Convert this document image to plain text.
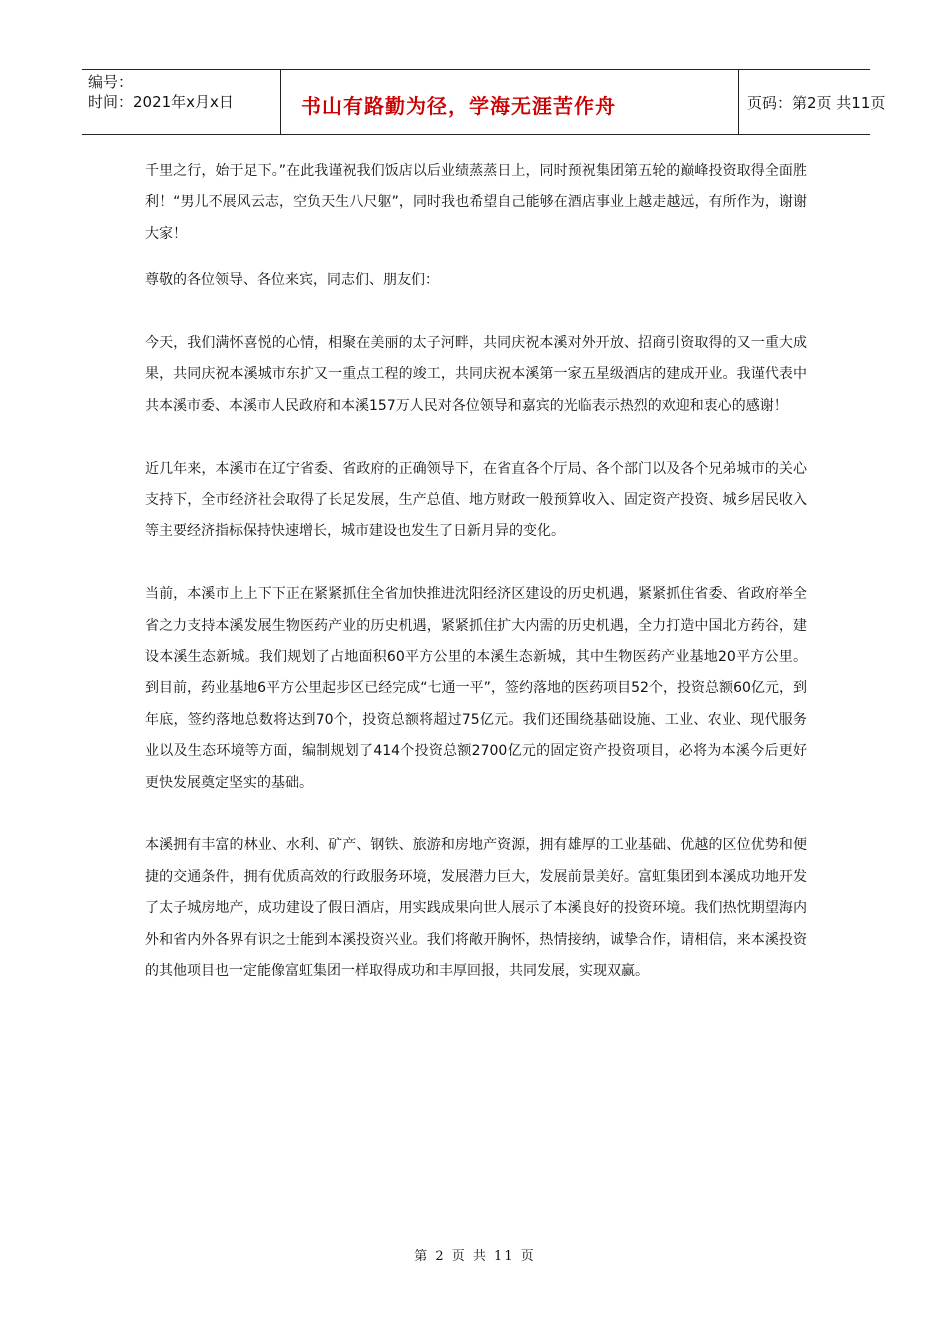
编号：
时间：2021年x月x日	书山有路勤为径，学海无涯苦作舟	页码：第2页 共11页

千里之行，始于足下。”在此我谨祝我们饭店以后业绩蒸蒸日上，同时预祝集团第五轮的巅峰投资取得全面胜利！“男儿不展风云志，空负天生八尺躯”，同时我也希望自己能够在酒店事业上越走越远，有所作为，谢谢大家！

尊敬的各位领导、各位来宾，同志们、朋友们：

今天，我们满怀喜悦的心情，相聚在美丽的太子河畔，共同庆祝本溪对外开放、招商引资取得的又一重大成果，共同庆祝本溪城市东扩又一重点工程的竣工，共同庆祝本溪第一家五星级酒店的建成开业。我谨代表中共本溪市委、本溪市人民政府和本溪157万人民对各位领导和嘉宾的光临表示热烈的欢迎和衷心的感谢！

近几年来，本溪市在辽宁省委、省政府的正确领导下，在省直各个厅局、各个部门以及各个兄弟城市的关心支持下，全市经济社会取得了长足发展，生产总值、地方财政一般预算收入、固定资产投资、城乡居民收入等主要经济指标保持快速增长，城市建设也发生了日新月异的变化。

当前，本溪市上上下下正在紧紧抓住全省加快推进沈阳经济区建设的历史机遇，紧紧抓住省委、省政府举全省之力支持本溪发展生物医药产业的历史机遇，紧紧抓住扩大内需的历史机遇，全力打造中国北方药谷，建设本溪生态新城。我们规划了占地面积60平方公里的本溪生态新城，其中生物医药产业基地20平方公里。到目前，药业基地6平方公里起步区已经完成“七通一平”，签约落地的医药项目52个，投资总额60亿元，到年底，签约落地总数将达到70个，投资总额将超过75亿元。我们还围绕基础设施、工业、农业、现代服务业以及生态环境等方面，编制规划了414个投资总额2700亿元的固定资产投资项目，必将为本溪今后更好更快发展奠定坚实的基础。

本溪拥有丰富的林业、水利、矿产、钢铁、旅游和房地产资源，拥有雄厚的工业基础、优越的区位优势和便捷的交通条件，拥有优质高效的行政服务环境，发展潜力巨大，发展前景美好。富虹集团到本溪成功地开发了太子城房地产，成功建设了假日酒店，用实践成果向世人展示了本溪良好的投资环境。我们热忱期望海内外和省内外各界有识之士能到本溪投资兴业。我们将敞开胸怀，热情接纳，诚挚合作，请相信，来本溪投资的其他项目也一定能像富虹集团一样取得成功和丰厚回报，共同发展，实现双赢。

第 2 页 共 11 页
